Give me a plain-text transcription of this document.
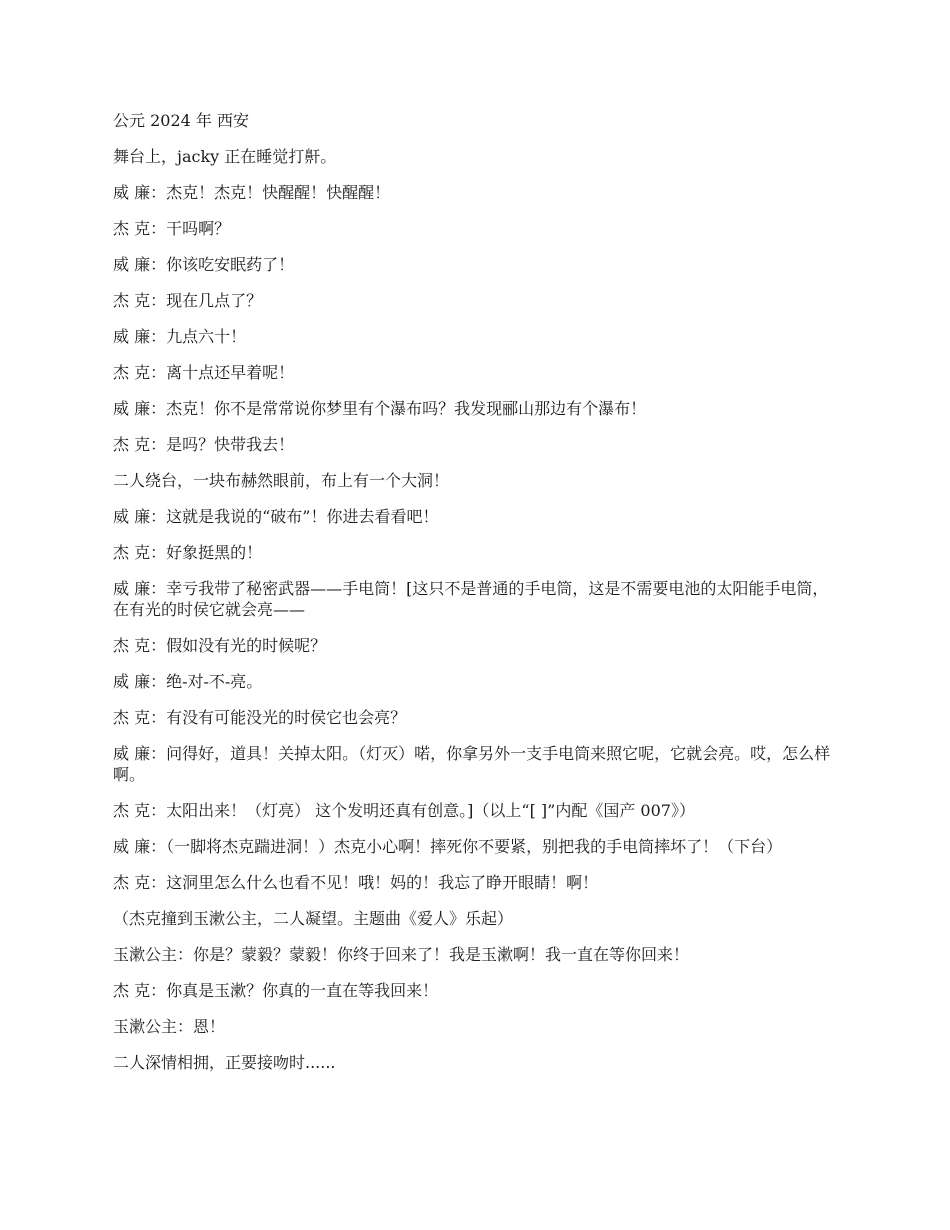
公元 2024 年 西安

舞台上，jacky 正在睡觉打鼾。

威 廉：杰克！杰克！快醒醒！快醒醒！

杰 克：干吗啊？

威 廉：你该吃安眠药了！

杰 克：现在几点了？

威 廉：九点六十！

杰 克：离十点还早着呢！

威 廉：杰克！你不是常常说你梦里有个瀑布吗？我发现郦山那边有个瀑布！

杰 克：是吗？快带我去！

二人绕台，一块布赫然眼前，布上有一个大洞！

威 廉：这就是我说的“破布”！你进去看看吧！

杰 克：好象挺黑的！

威 廉：幸亏我带了秘密武器——手电筒！[这只不是普通的手电筒，这是不需要电池的太阳能手电筒，在有光的时侯它就会亮——

杰 克：假如没有光的时候呢？

威 廉：绝-对-不-亮。

杰 克：有没有可能没光的时侯它也会亮？

威 廉：问得好，道具！关掉太阳。（灯灭）喏，你拿另外一支手电筒来照它呢，它就会亮。哎，怎么样啊。

杰 克：太阳出来！（灯亮） 这个发明还真有创意。]（以上“[ ]”内配《国产 007》）

威 廉：（一脚将杰克踹进洞！）杰克小心啊！摔死你不要紧，别把我的手电筒摔坏了！（下台）

杰 克：这洞里怎么什么也看不见！哦！妈的！我忘了睁开眼睛！啊！

（杰克撞到玉漱公主，二人凝望。主题曲《爱人》乐起）

玉漱公主：你是？蒙毅？蒙毅！你终于回来了！我是玉漱啊！我一直在等你回来！

杰 克：你真是玉漱？你真的一直在等我回来！

玉漱公主：恩！

二人深情相拥，正要接吻时......
